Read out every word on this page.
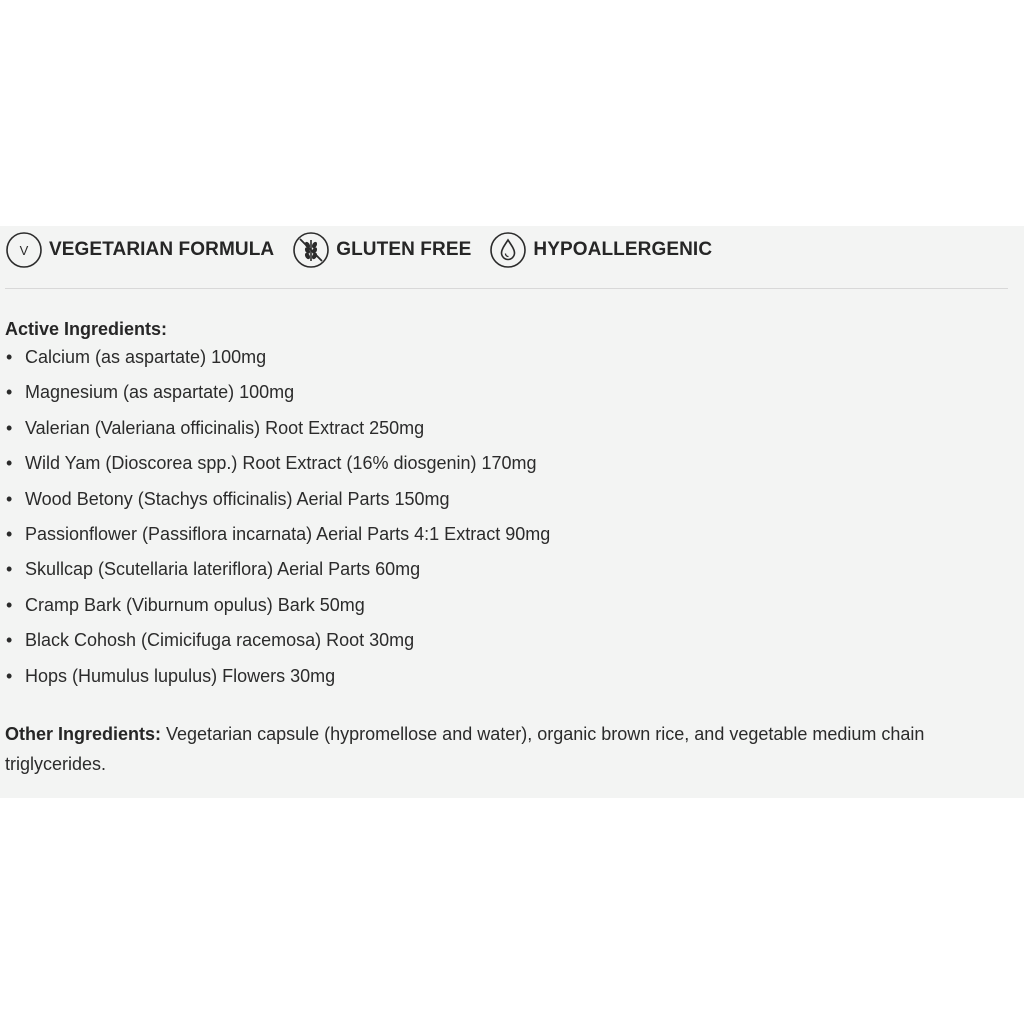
V VEGETARIAN FORMULA	GLUTEN FREE	HYPOALLERGENIC
Active Ingredients:
• Calcium (as aspartate) 100mg
• Magnesium (as aspartate) 100mg
• Valerian (Valeriana officinalis) Root Extract 250mg
• Wild Yam (Dioscorea spp.) Root Extract (16% diosgenin) 170mg
• Wood Betony (Stachys officinalis) Aerial Parts 150mg
• Passionflower (Passiflora incarnata) Aerial Parts 4:1 Extract 90mg
• Skullcap (Scutellaria lateriflora) Aerial Parts 60mg
• Cramp Bark (Viburnum opulus) Bark 50mg
• Black Cohosh (Cimicifuga racemosa) Root 30mg
• Hops (Humulus lupulus) Flowers 30mg

Other Ingredients: Vegetarian capsule (hypromellose and water), organic brown rice, and vegetable medium chain triglycerides.
